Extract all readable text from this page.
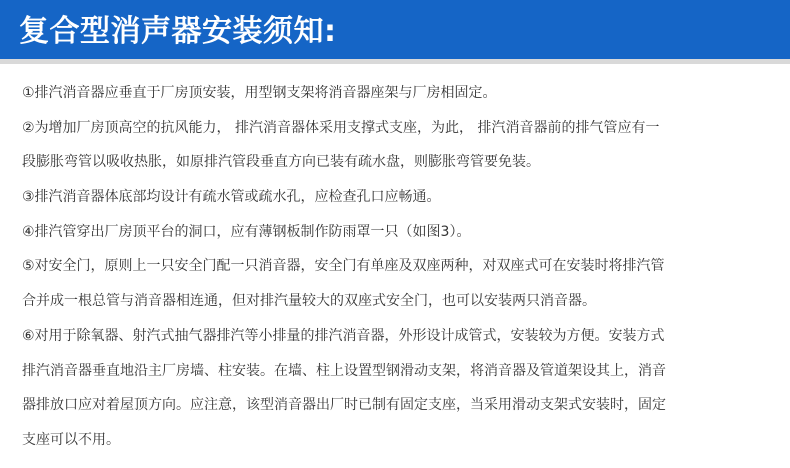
复合型消声器安装须知:
①排汽消音器应垂直于厂房顶安装，用型钢支架将消音器座架与厂房相固定。
②为增加厂房顶高空的抗风能力， 排汽消音器体采用支撑式支座，为此， 排汽消音器前的排气管应有一
段膨胀弯管以吸收热胀，如原排汽管段垂直方向已装有疏水盘，则膨胀弯管要免装。
③排汽消音器体底部均设计有疏水管或疏水孔，应检查孔口应畅通。
④排汽管穿出厂房顶平台的洞口，应有薄钢板制作防雨罩一只（如图3）。
⑤对安全门，原则上一只安全门配一只消音器，安全门有单座及双座两种，对双座式可在安装时将排汽管
合并成一根总管与消音器相连通，但对排汽量较大的双座式安全门，也可以安装两只消音器。
⑥对用于除氧器、射汽式抽气器排汽等小排量的排汽消音器，外形设计成管式，安装较为方便。安装方式
排汽消音器垂直地沿主厂房墙、柱安装。在墙、柱上设置型钢滑动支架，将消音器及管道架设其上，消音
器排放口应对着屋顶方向。应注意，该型消音器出厂时已制有固定支座，当采用滑动支架式安装时，固定
支座可以不用。
